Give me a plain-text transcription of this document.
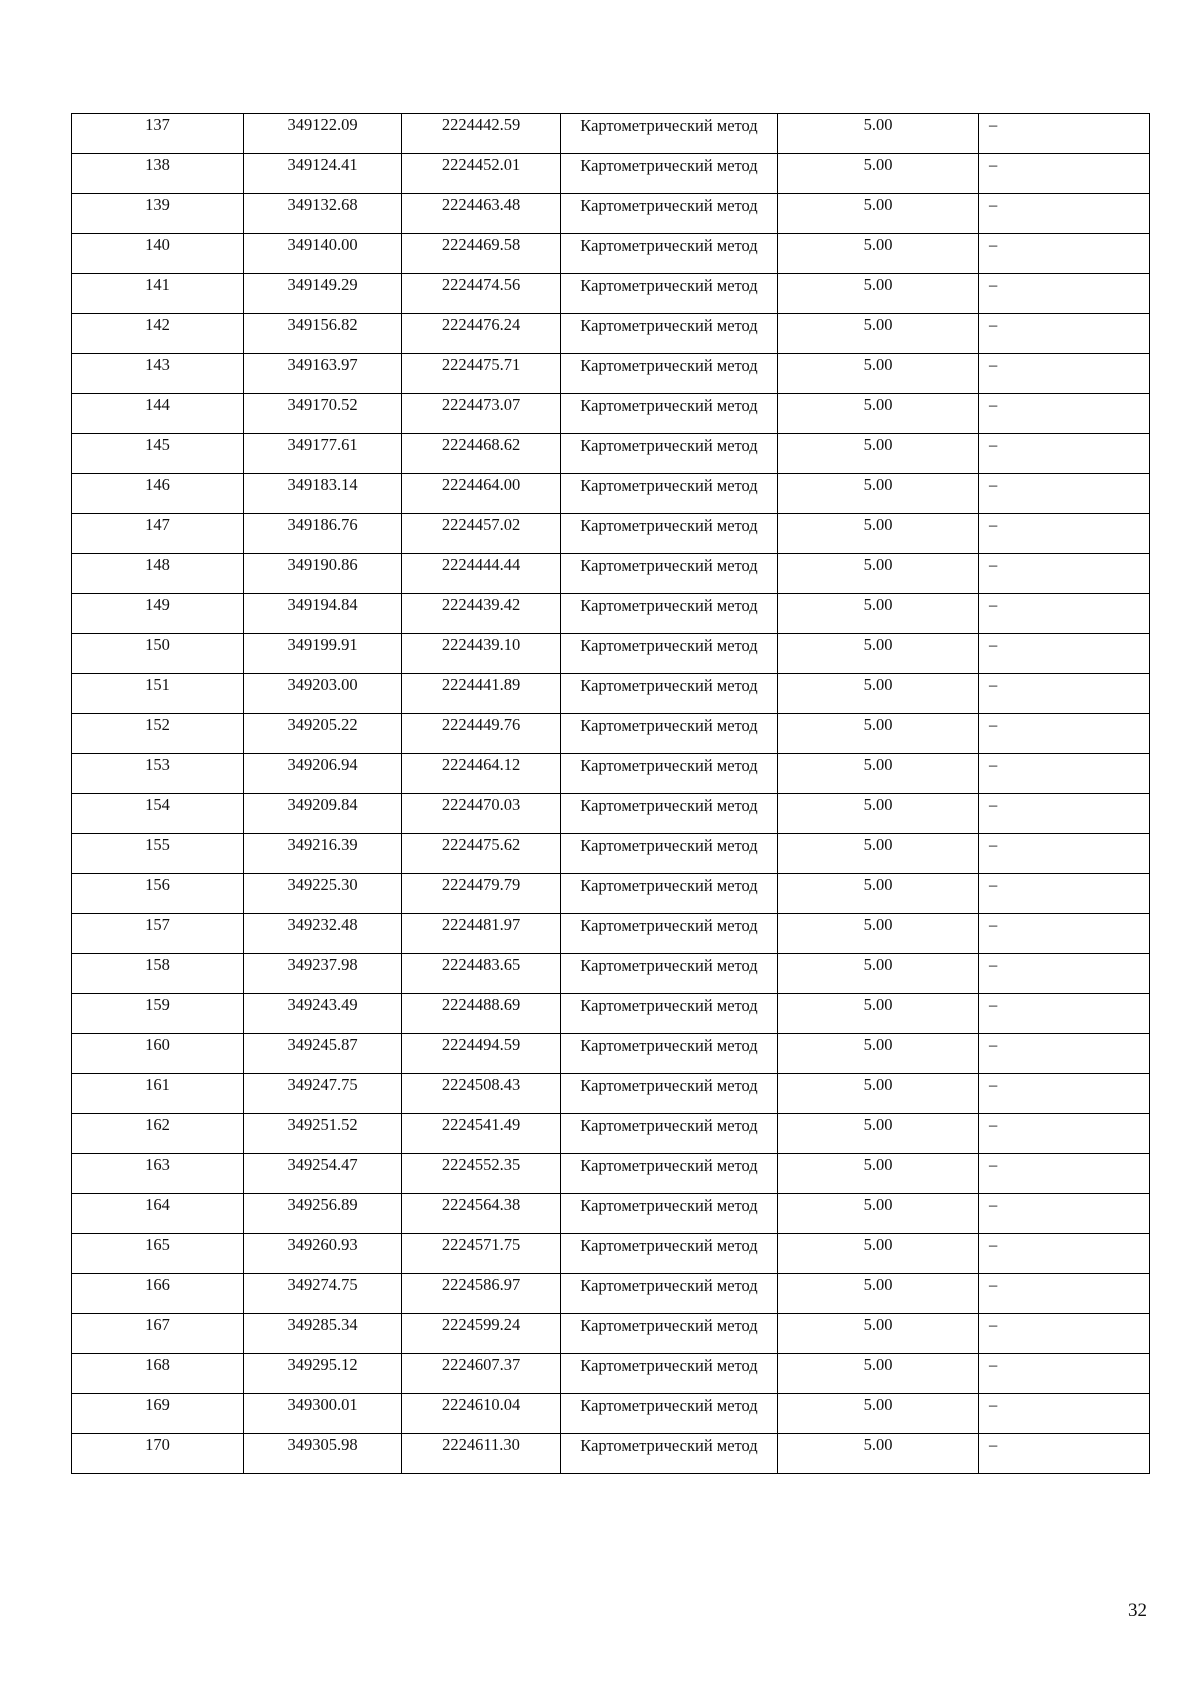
137	349122.09	2224442.59	Картометрический метод	5.00	–

138	349124.41	2224452.01	Картометрический метод	5.00	–

139	349132.68	2224463.48	Картометрический метод	5.00	–

140	349140.00	2224469.58	Картометрический метод	5.00	–

141	349149.29	2224474.56	Картометрический метод	5.00	–

142	349156.82	2224476.24	Картометрический метод	5.00	–

143	349163.97	2224475.71	Картометрический метод	5.00	–

144	349170.52	2224473.07	Картометрический метод	5.00	–

145	349177.61	2224468.62	Картометрический метод	5.00	–

146	349183.14	2224464.00	Картометрический метод	5.00	–

147	349186.76	2224457.02	Картометрический метод	5.00	–

148	349190.86	2224444.44	Картометрический метод	5.00	–

149	349194.84	2224439.42	Картометрический метод	5.00	–

150	349199.91	2224439.10	Картометрический метод	5.00	–

151	349203.00	2224441.89	Картометрический метод	5.00	–

152	349205.22	2224449.76	Картометрический метод	5.00	–

153	349206.94	2224464.12	Картометрический метод	5.00	–

154	349209.84	2224470.03	Картометрический метод	5.00	–

155	349216.39	2224475.62	Картометрический метод	5.00	–

156	349225.30	2224479.79	Картометрический метод	5.00	–

157	349232.48	2224481.97	Картометрический метод	5.00	–

158	349237.98	2224483.65	Картометрический метод	5.00	–

159	349243.49	2224488.69	Картометрический метод	5.00	–

160	349245.87	2224494.59	Картометрический метод	5.00	–

161	349247.75	2224508.43	Картометрический метод	5.00	–

162	349251.52	2224541.49	Картометрический метод	5.00	–

163	349254.47	2224552.35	Картометрический метод	5.00	–

164	349256.89	2224564.38	Картометрический метод	5.00	–

165	349260.93	2224571.75	Картометрический метод	5.00	–

166	349274.75	2224586.97	Картометрический метод	5.00	–

167	349285.34	2224599.24	Картометрический метод	5.00	–

168	349295.12	2224607.37	Картометрический метод	5.00	–

169	349300.01	2224610.04	Картометрический метод	5.00	–

170	349305.98	2224611.30	Картометрический метод	5.00	–
32
